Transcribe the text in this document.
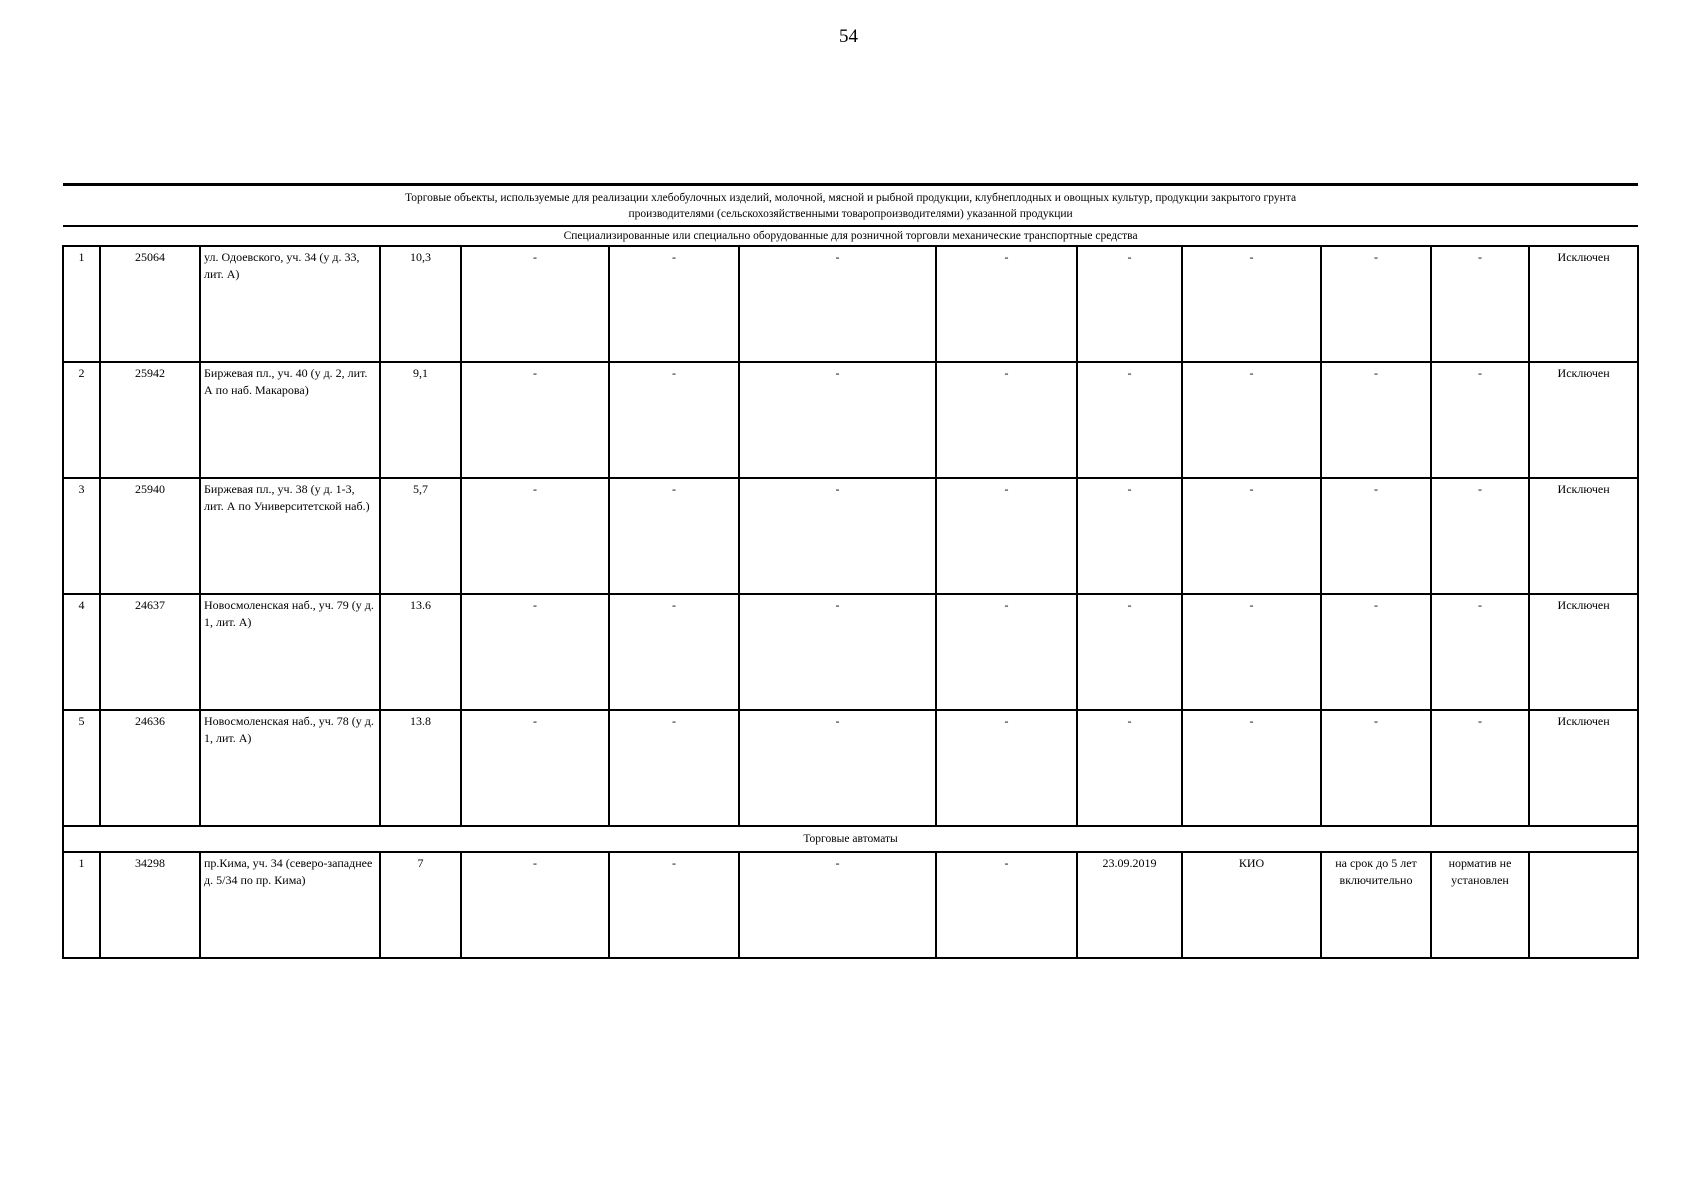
54
Торговые объекты, используемые для реализации хлебобулочных изделий, молочной, мясной и рыбной продукции, клубнеплодных и овощных культур, продукции закрытого грунта
производителями (сельскохозяйственными товаропроизводителями) указанной продукции												

Специализированные или специально оборудованные для розничной торговли механические транспортные средства												
1	25064	ул. Одоевского, уч. 34 (у д. 33, лит. А)	10,3	-	-	-	-	-	-	-	-	Исключен
2	25942	Биржевая пл., уч. 40 (у д. 2, лит. А по наб. Макарова)	9,1	-	-	-	-	-	-	-	-	Исключен
3	25940	Биржевая пл., уч. 38 (у д. 1-3, лит. А по Университетской наб.)	5,7	-	-	-	-	-	-	-	-	Исключен
4	24637	Новосмоленская наб., уч. 79 (у д. 1, лит. А)	13.6	-	-	-	-	-	-	-	-	Исключен
5	24636	Новосмоленская наб., уч. 78 (у д. 1, лит. А)	13.8	-	-	-	-	-	-	-	-	Исключен
Торговые автоматы												
1	34298	пр.Кима, уч. 34 (северо-западнее д. 5/34 по пр. Кима)	7	-	-	-	-	23.09.2019	КИО	на срок до 5 лет включительно	норматив не установлен	
